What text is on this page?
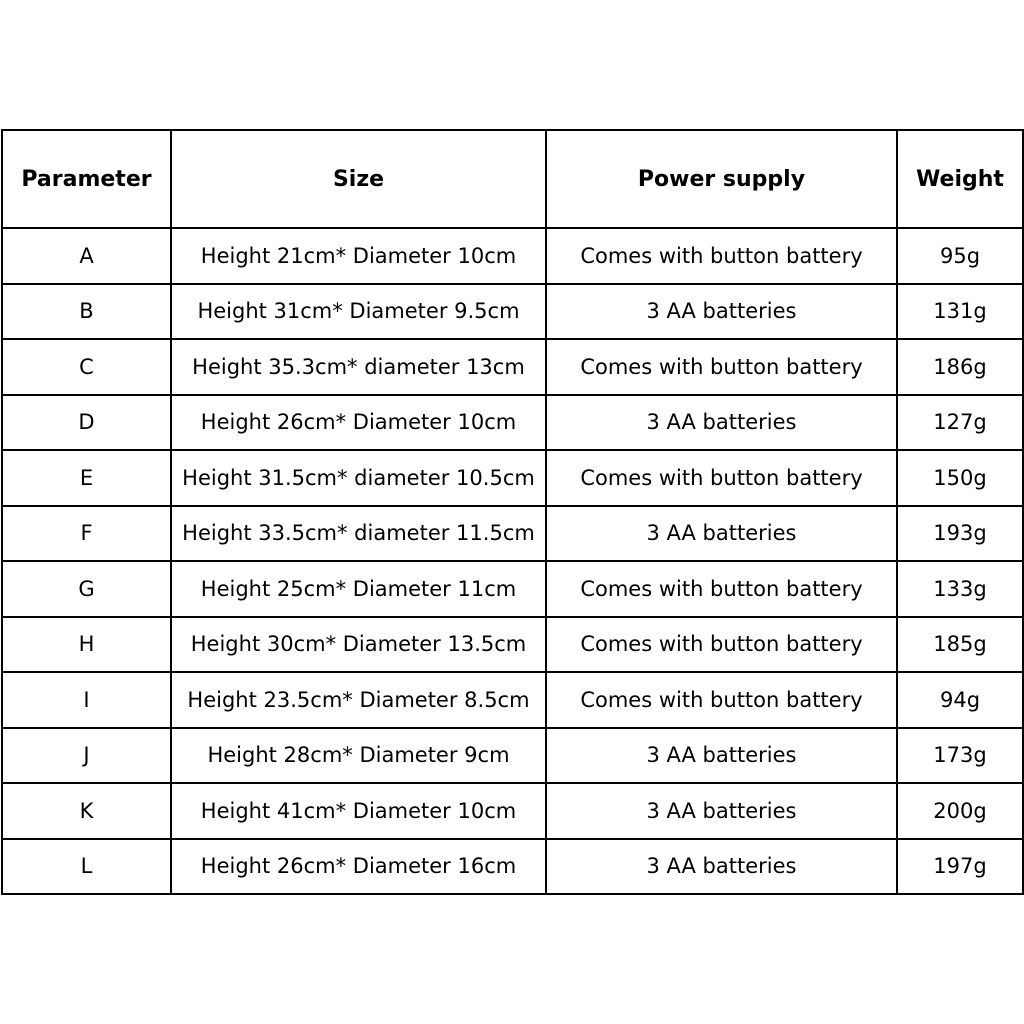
Parameter	Size	Power supply	Weight
A	Height 21cm* Diameter 10cm	Comes with button battery	95g
B	Height 31cm* Diameter 9.5cm	3 AA batteries	131g
C	Height 35.3cm* diameter 13cm	Comes with button battery	186g
D	Height 26cm* Diameter 10cm	3 AA batteries	127g
E	Height 31.5cm* diameter 10.5cm	Comes with button battery	150g
F	Height 33.5cm* diameter 11.5cm	3 AA batteries	193g
G	Height 25cm* Diameter 11cm	Comes with button battery	133g
H	Height 30cm* Diameter 13.5cm	Comes with button battery	185g
I	Height 23.5cm* Diameter 8.5cm	Comes with button battery	94g
J	Height 28cm* Diameter 9cm	3 AA batteries	173g
K	Height 41cm* Diameter 10cm	3 AA batteries	200g
L	Height 26cm* Diameter 16cm	3 AA batteries	197g
